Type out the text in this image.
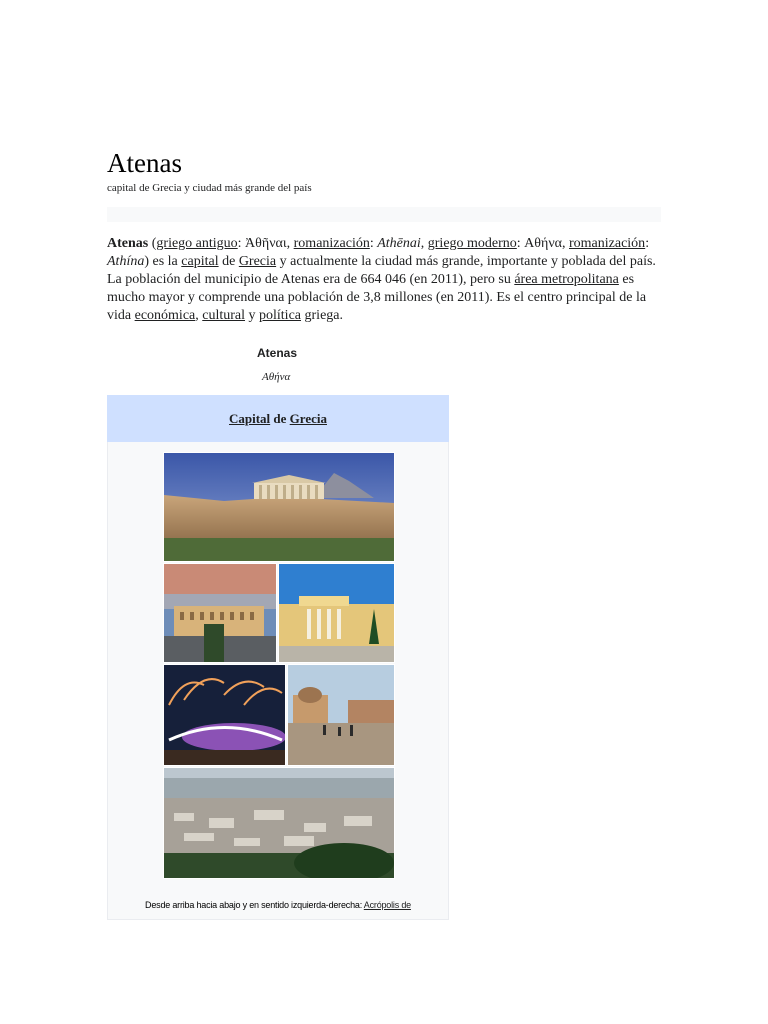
Atenas
capital de Grecia y ciudad más grande del país
Atenas (griego antiguo: Ἀθῆναι, romanización: Athēnai, griego moderno: Αθήνα, romanización: Athína) es la capital de Grecia y actualmente la ciudad más grande, importante y poblada del país. La población del municipio de Atenas era de 664 046 (en 2011), pero su área metropolitana es mucho mayor y comprende una población de 3,8 millones (en 2011). Es el centro principal de la vida económica, cultural y política griega.
Atenas
Αθήνα
Capital de Grecia
Desde arriba hacia abajo y en sentido izquierda-derecha: Acrópolis de
